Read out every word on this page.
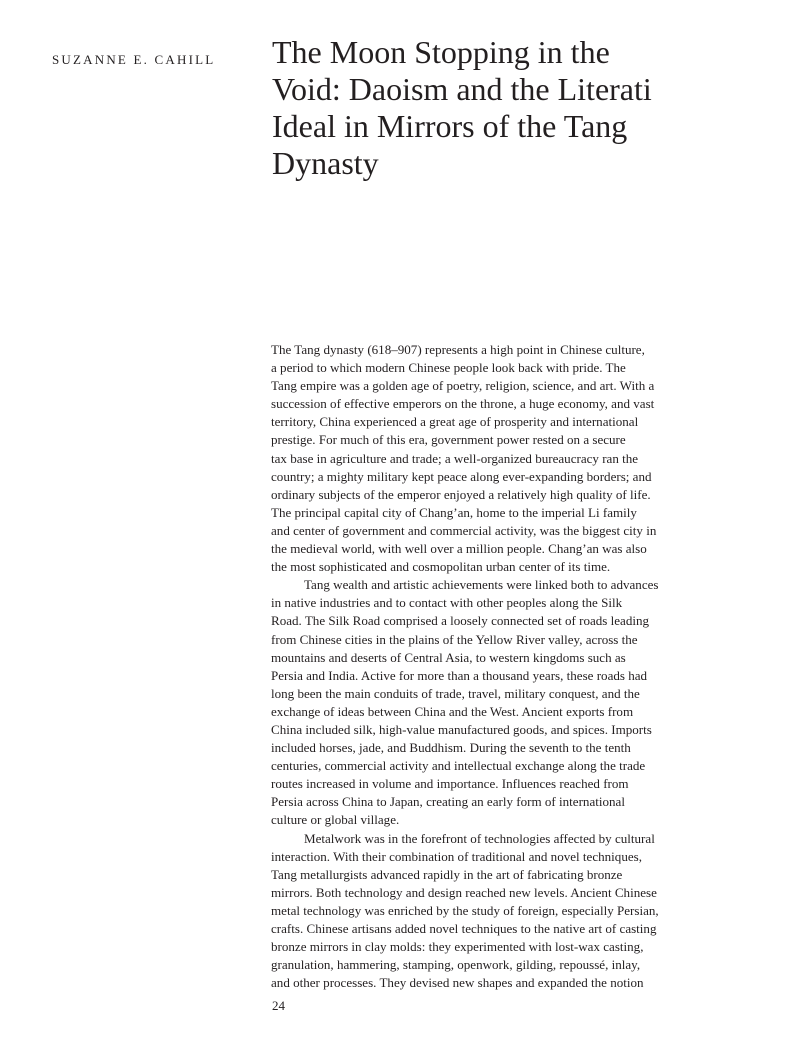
SUZANNE E. CAHILL The Moon Stopping in the
Void: Daoism and the Literati
Ideal in Mirrors of the Tang
Dynasty
The Tang dynasty (618–907) represents a high point in Chinese culture,
a period to which modern Chinese people look back with pride. The
Tang empire was a golden age of poetry, religion, science, and art. With a
succession of effective emperors on the throne, a huge economy, and vast
territory, China experienced a great age of prosperity and international
prestige. For much of this era, government power rested on a secure
tax base in agriculture and trade; a well-organized bureaucracy ran the
country; a mighty military kept peace along ever-expanding borders; and
ordinary subjects of the emperor enjoyed a relatively high quality of life.
The principal capital city of Chang’an, home to the imperial Li family
and center of government and commercial activity, was the biggest city in
the medieval world, with well over a million people. Chang’an was also
the most sophisticated and cosmopolitan urban center of its time.
Tang wealth and artistic achievements were linked both to advances
in native industries and to contact with other peoples along the Silk
Road. The Silk Road comprised a loosely connected set of roads leading
from Chinese cities in the plains of the Yellow River valley, across the
mountains and deserts of Central Asia, to western kingdoms such as
Persia and India. Active for more than a thousand years, these roads had
long been the main conduits of trade, travel, military conquest, and the
exchange of ideas between China and the West. Ancient exports from
China included silk, high-value manufactured goods, and spices. Imports
included horses, jade, and Buddhism. During the seventh to the tenth
centuries, commercial activity and intellectual exchange along the trade
routes increased in volume and importance. Influences reached from
Persia across China to Japan, creating an early form of international
culture or global village.
Metalwork was in the forefront of technologies affected by cultural
interaction. With their combination of traditional and novel techniques,
Tang metallurgists advanced rapidly in the art of fabricating bronze
mirrors. Both technology and design reached new levels. Ancient Chinese
metal technology was enriched by the study of foreign, especially Persian,
crafts. Chinese artisans added novel techniques to the native art of casting
bronze mirrors in clay molds: they experimented with lost-wax casting,
granulation, hammering, stamping, openwork, gilding, repoussé, inlay,
and other processes. They devised new shapes and expanded the notion
24
